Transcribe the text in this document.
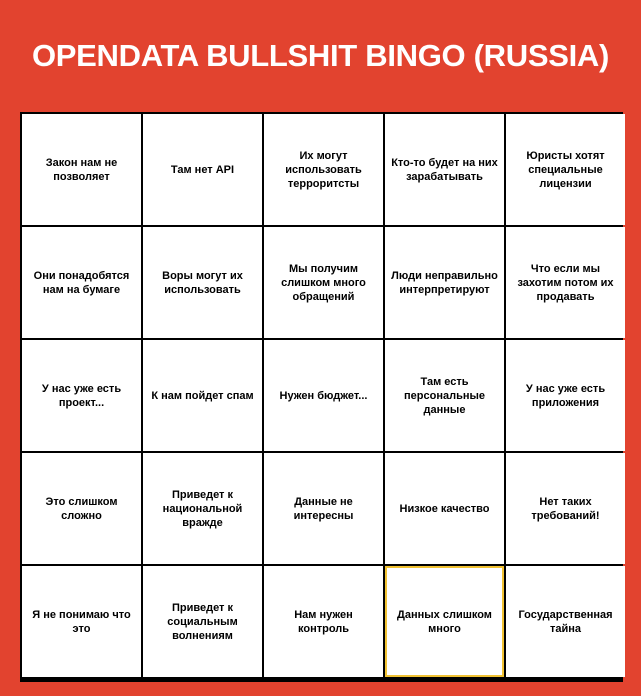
OPENDATA BULLSHIT BINGO (RUSSIA)
Закон нам не позволяет
Там нет API
Их могут использовать терроритсты
Кто-то будет на них зарабатывать
Юристы хотят специальные лицензии
Они понадобятся нам на бумаге
Воры могут их использовать
Мы получим слишком много обращений
Люди неправильно интерпретируют
Что если мы захотим потом их продавать
У нас уже есть проект...
К нам пойдет спам	Нужен бюджет...
Там есть персональные данные
У нас уже есть приложения
Это слишком сложно
Приведет к национальной вражде
Данные не интересны
Низкое качество
Нет таких требований!
Я не понимаю что это
Приведет к социальным волнениям
Нам нужен контроль
Данных слишком много
Государственная тайна
